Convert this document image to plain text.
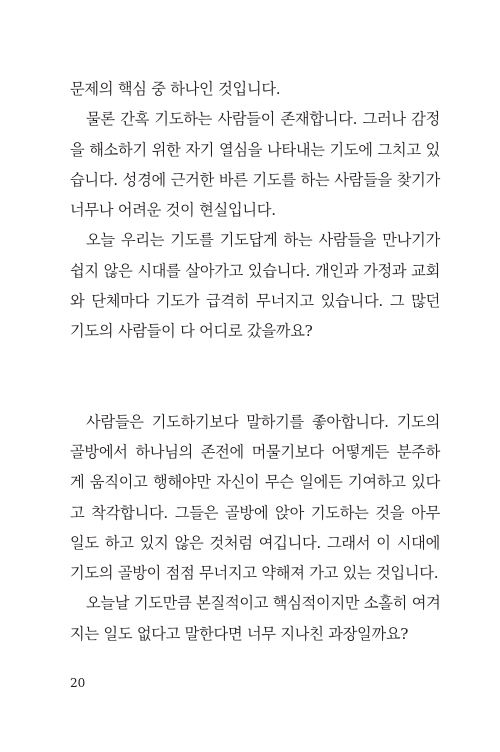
문제의 핵심 중 하나인 것입니다.
물론 간혹 기도하는 사람들이 존재합니다. 그러나 감정
을 해소하기 위한 자기 열심을 나타내는 기도에 그치고 있
습니다. 성경에 근거한 바른 기도를 하는 사람들을 찾기가
너무나 어려운 것이 현실입니다.
오늘 우리는 기도를 기도답게 하는 사람들을 만나기가
쉽지 않은 시대를 살아가고 있습니다. 개인과 가정과 교회
와 단체마다 기도가 급격히 무너지고 있습니다. 그 많던
기도의 사람들이 다 어디로 갔을까요?
사람들은 기도하기보다 말하기를 좋아합니다. 기도의
골방에서 하나님의 존전에 머물기보다 어떻게든 분주하
게 움직이고 행해야만 자신이 무슨 일에든 기여하고 있다
고 착각합니다. 그들은 골방에 앉아 기도하는 것을 아무
일도 하고 있지 않은 것처럼 여깁니다. 그래서 이 시대에
기도의 골방이 점점 무너지고 약해져 가고 있는 것입니다.
오늘날 기도만큼 본질적이고 핵심적이지만 소홀히 여겨
지는 일도 없다고 말한다면 너무 지나친 과장일까요?
20
